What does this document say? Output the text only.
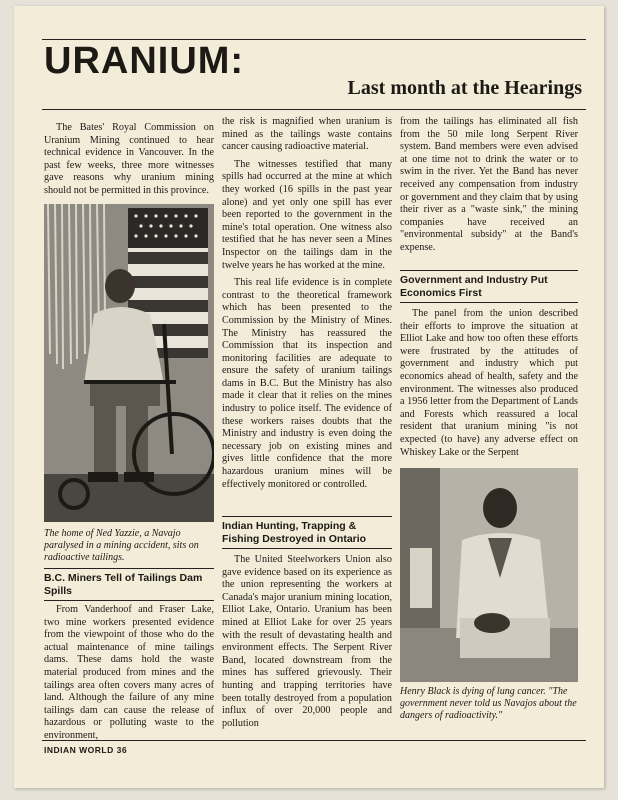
URANIUM:
Last month at the Hearings

The Bates' Royal Commission on Uranium Mining continued to hear technical evidence in Vancouver. In the past few weeks, three more witnesses gave reasons why uranium mining should not be permitted in this province.

The home of Ned Yazzie, a Navajo paralysed in a mining accident, sits on radioactive tailings.
B.C. Miners Tell of Tailings Dam Spills

From Vanderhoof and Fraser Lake, two mine workers presented evidence from the viewpoint of those who do the actual maintenance of mine tailings dams. These dams hold the waste material produced from mines and the tailings area often covers many acres of land. Although the failure of any mine tailings dam can cause the release of hazardous or polluting waste to the environment,

the risk is magnified when uranium is mined as the tailings waste contains cancer causing radioactive material.

The witnesses testified that many spills had occurred at the mine at which they worked (16 spills in the past year alone) and yet only one spill has ever been reported to the government in the mine's total operation. One witness also testified that he has never seen a Mines Inspector on the tailings dam in the twelve years he has worked at the mine.

This real life evidence is in complete contrast to the theoretical framework which has been presented to the Commission by the Ministry of Mines. The Ministry has reassured the Commission that its inspection and monitoring facilities are adequate to ensure the safety of uranium tailings dams in B.C. But the Ministry has also made it clear that it relies on the mines industry to police itself. The evidence of these workers raises doubts that the Ministry and industry is even doing the necessary job on existing mines and gives little confidence that the more hazardous uranium mines will be effectively monitored or controlled.

Indian Hunting, Trapping & Fishing Destroyed in Ontario

The United Steelworkers Union also gave evidence based on its experience as the union representing the workers at Canada's major uranium mining location, Elliot Lake, Ontario. Uranium has been mined at Elliot Lake for over 25 years with the result of devastating health and environment effects. The Serpent River Band, located downstream from the mines has suffered grievously. Their hunting and trapping territories have been totally destroyed from a population influx of over 20,000 people and pollution

from the tailings has eliminated all fish from the 50 mile long Serpent River system. Band members were even advised at one time not to drink the water or to swim in the river. Yet the Band has never received any compensation from industry or government and they claim that by using their river as a "waste sink," the mining companies have received an "environmental subsidy" at the Band's expense.

Government and Industry Put Economics First

The panel from the union described their efforts to improve the situation at Elliot Lake and how too often these efforts were frustrated by the attitudes of government and industry which put economics ahead of health, safety and the environment. The witnesses also produced a 1956 letter from the Department of Lands and Forests which reassured a local resident that uranium mining "is not expected (to have) any adverse effect on Whiskey Lake or the Serpent

Henry Black is dying of lung cancer. "The government never told us Navajos about the dangers of radioactivity."
INDIAN WORLD 36
